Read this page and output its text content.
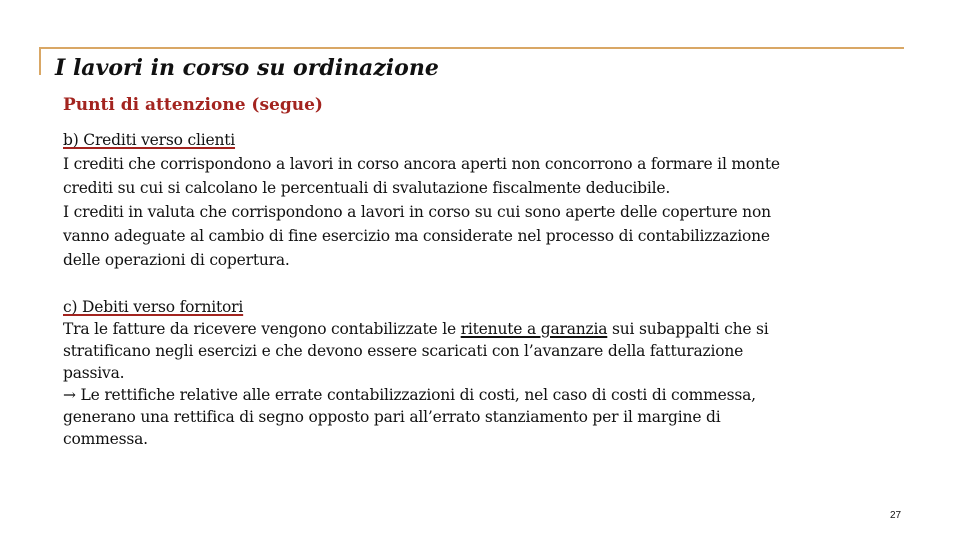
I lavori in corso su ordinazione
Punti di attenzione (segue)
b) Crediti verso clienti
I crediti che corrispondono a lavori in corso ancora aperti non concorrono a formare il monte
crediti su cui si calcolano le percentuali di svalutazione fiscalmente deducibile.
I crediti in valuta che corrispondono a lavori in corso su cui sono aperte delle coperture non
vanno adeguate al cambio di fine esercizio ma considerate nel processo di contabilizzazione
delle operazioni di copertura.
c) Debiti verso fornitori
Tra le fatture da ricevere vengono contabilizzate le ritenute a garanzia sui subappalti che si
stratificano negli esercizi e che devono essere scaricati con l’avanzare della fatturazione
passiva.
→ Le rettifiche relative alle errate contabilizzazioni di costi, nel caso di costi di commessa,
generano una rettifica di segno opposto pari all’errato stanziamento per il margine di
commessa.
27
